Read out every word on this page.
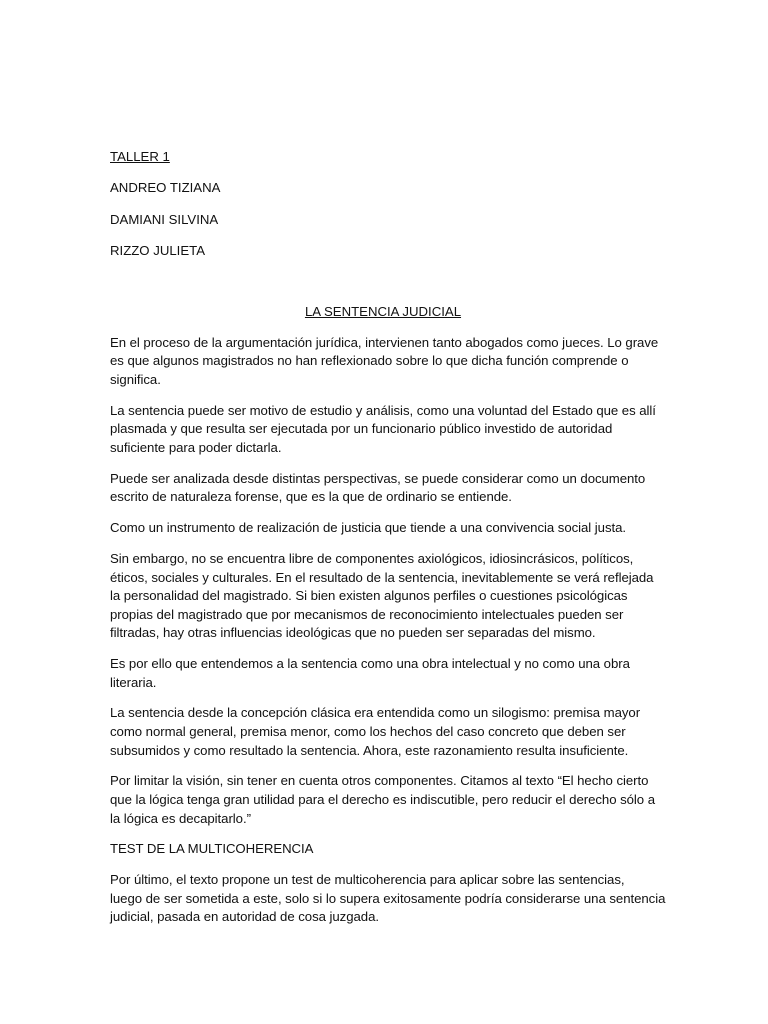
TALLER 1

ANDREO TIZIANA

DAMIANI SILVINA

RIZZO JULIETA

LA SENTENCIA JUDICIAL

En el proceso de la argumentación jurídica, intervienen tanto abogados como jueces. Lo grave

es que algunos magistrados no han reflexionado sobre lo que dicha función comprende o

significa.

La sentencia puede ser motivo de estudio y análisis, como una voluntad del Estado que es allí

plasmada y que resulta ser ejecutada por un funcionario público investido de autoridad

suficiente para poder dictarla.

Puede ser analizada desde distintas perspectivas, se puede considerar como un documento

escrito de naturaleza forense, que es la que de ordinario se entiende.

Como un instrumento de realización de justicia que tiende a una convivencia social justa.

Sin embargo, no se encuentra libre de componentes axiológicos, idiosincrásicos, políticos,

éticos, sociales y culturales. En el resultado de la sentencia, inevitablemente se verá reflejada

la personalidad del magistrado. Si bien existen algunos perfiles o cuestiones psicológicas

propias del magistrado que por mecanismos de reconocimiento intelectuales pueden ser

filtradas, hay otras influencias ideológicas que no pueden ser separadas del mismo.

Es por ello que entendemos a la sentencia como una obra intelectual y no como una obra

literaria.

La sentencia desde la concepción clásica era entendida como un silogismo: premisa mayor

como normal general, premisa menor, como los hechos del caso concreto que deben ser

subsumidos y como resultado la sentencia. Ahora, este razonamiento resulta insuficiente.

Por limitar la visión, sin tener en cuenta otros componentes. Citamos al texto “El hecho cierto

que la lógica tenga gran utilidad para el derecho es indiscutible, pero reducir el derecho sólo a

la lógica es decapitarlo.”

TEST DE LA MULTICOHERENCIA

Por último, el texto propone un test de multicoherencia para aplicar sobre las sentencias,

luego de ser sometida a este, solo si lo supera exitosamente podría considerarse una sentencia

judicial, pasada en autoridad de cosa juzgada.
